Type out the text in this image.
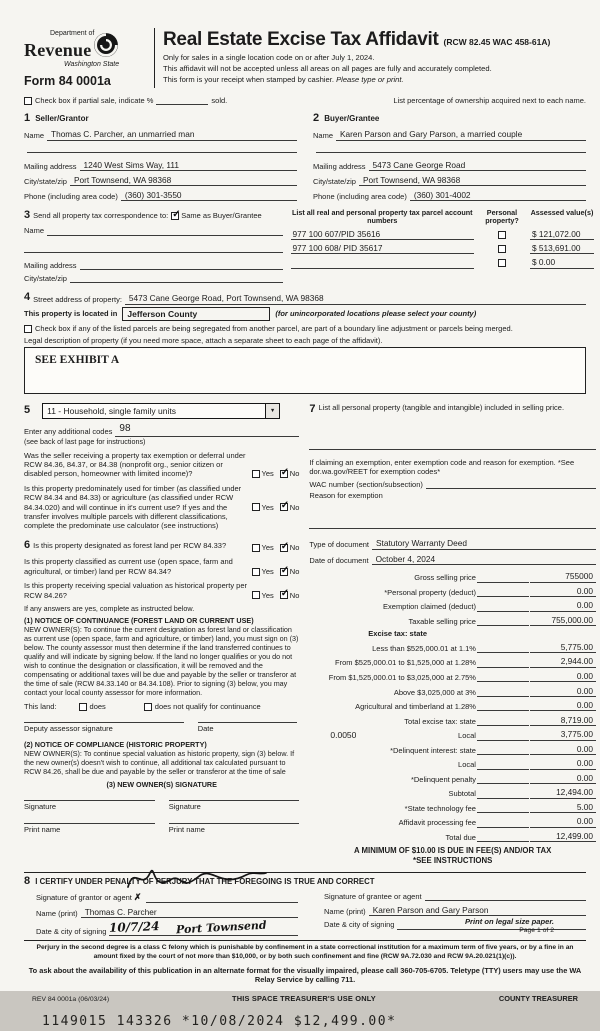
Department of
Revenue
Washington State
Form 84 0001a
Real Estate Excise Tax Affidavit (RCW 82.45 WAC 458-61A)
Only for sales in a single location code on or after July 1, 2024.
This affidavit will not be accepted unless all areas on all pages are fully and accurately completed.
This form is your receipt when stamped by cashier. Please type or print.
Check box if partial sale, indicate %	sold.	List percentage of ownership acquired next to each name.
1 Seller/Grantor
Name Thomas C. Parcher, an unmarried man
Mailing address 1240 West Sims Way, 111
City/state/zip Port Townsend, WA 98368
Phone (including area code) (360) 301-3550
2 Buyer/Grantee
Name Karen Parson and Gary Parson, a married couple
Mailing address 5473 Cane George Road
City/state/zip Port Townsend, WA 98368
Phone (including area code) (360) 301-4002
3 Send all property tax correspondence to: ✓ Same as Buyer/Grantee
Name
Mailing address
City/state/zip
List all real and personal property tax parcel account numbers
Personal property?
Assessed value(s)
977 100 607/PID 35616	$ 121,072.00
977 100 608/ PID 35617	$ 513,691.00
$ 0.00
4 Street address of property: 5473 Cane George Road, Port Townsend, WA 98368
This property is located in	Jefferson County	(for unincorporated locations please select your county)
Check box if any of the listed parcels are being segregated from another parcel, are part of a boundary line adjustment or parcels being merged.
Legal description of property (if you need more space, attach a separate sheet to each page of the affidavit).
SEE EXHIBIT A
5	11 - Household, single family units
▼
Enter any additional codes 98
(see back of last page for instructions)
Was the seller receiving a property tax exemption or deferral under RCW 84.36, 84.37, or 84.38 (nonprofit org., senior citizen or disabled person, homeowner with limited income)?	Yes ✓ No
Is this property predominately used for timber (as classified under RCW 84.34 and 84.33) or agriculture (as classified under RCW 84.34.020) and will continue in it's current use? If yes and the transfer involves multiple parcels with different classifications, complete the predominate use calculator (see instructions)
Yes ✓ No
6 Is this property designated as forest land per RCW 84.33?	Yes ✓ No
Is this property classified as current use (open space, farm and agricultural, or timber) land per RCW 84.34?	Yes ✓ No
Is this property receiving special valuation as historical property per RCW 84.26?	Yes ✓ No
If any answers are yes, complete as instructed below.
(1) NOTICE OF CONTINUANCE (FOREST LAND OR CURRENT USE)
NEW OWNER(S): To continue the current designation as forest land or classification as current use (open space, farm and agriculture, or timber) land, you must sign on (3) below. The county assessor must then determine if the land transferred continues to qualify and will indicate by signing below. If the land no longer qualifies or you do not wish to continue the designation or classification, it will be removed and the compensating or additional taxes will be due and payable by the seller or transferor at the time of sale (RCW 84.33.140 or 84.34.108). Prior to signing (3) below, you may contact your local county assessor for more information.
This land:	does	does not qualify for continuance
Deputy assessor signature	Date
(2) NOTICE OF COMPLIANCE (HISTORIC PROPERTY)
NEW OWNER(S): To continue special valuation as historic property, sign (3) below. If the new owner(s) doesn't wish to continue, all additional tax calculated pursuant to RCW 84.26, shall be due and payable by the seller or transferor at the time of sale
(3) NEW OWNER(S) SIGNATURE
Signature	Signature
Print name	Print name
7 List all personal property (tangible and intangible) included in selling price.
If claiming an exemption, enter exemption code and reason for exemption. *See dor.wa.gov/REET for exemption codes*
WAC number (section/subsection)
Reason for exemption
Type of document Statutory Warranty Deed
Date of document October 4, 2024
Gross selling price	755000
*Personal property (deduct)	0.00
Exemption claimed (deduct)	0.00
Taxable selling price	755,000.00
Excise tax: state
Less than $525,000.01 at 1.1%	5,775.00
From $525,000.01 to $1,525,000 at 1.28%	2,944.00
From $1,525,000.01 to $3,025,000 at 2.75%	0.00
Above $3,025,000 at 3%	0.00
Agricultural and timberland at 1.28%	0.00
Total excise tax: state	8,719.00
0.0050	Local	3,775.00
*Delinquent interest: state	0.00
Local	0.00
*Delinquent penalty	0.00
Subtotal	12,494.00
*State technology fee	5.00
Affidavit processing fee	0.00
Total due	12,499.00
A MINIMUM OF $10.00 IS DUE IN FEE(S) AND/OR TAX
*SEE INSTRUCTIONS
8 I CERTIFY UNDER PENALTY OF PERJURY THAT THE FOREGOING IS TRUE AND CORRECT
Signature of grantor or agent ✗
Name (print) Thomas C. Parcher
Date & city of signing 10/7/24 Port Townsend
Signature of grantee or agent
Name (print) Karen Parson and Gary Parson
Date & city of signing
Perjury in the second degree is a class C felony which is punishable by confinement in a state correctional institution for a maximum term of five years, or by a fine in an amount fixed by the court of not more than $10,000, or by both such confinement and fine (RCW 9A.72.030 and RCW 9A.20.021(1)(c)).
To ask about the availability of this publication in an alternate format for the visually impaired, please call 360-705-6705. Teletype (TTY) users may use the WA Relay Service by calling 711.
REV 84 0001a (06/03/24)	THIS SPACE TREASURER'S USE ONLY	COUNTY TREASURER
1149015 143326 *10/08/2024 $12,499.00*
Print on legal size paper.
Page 1 of 2
